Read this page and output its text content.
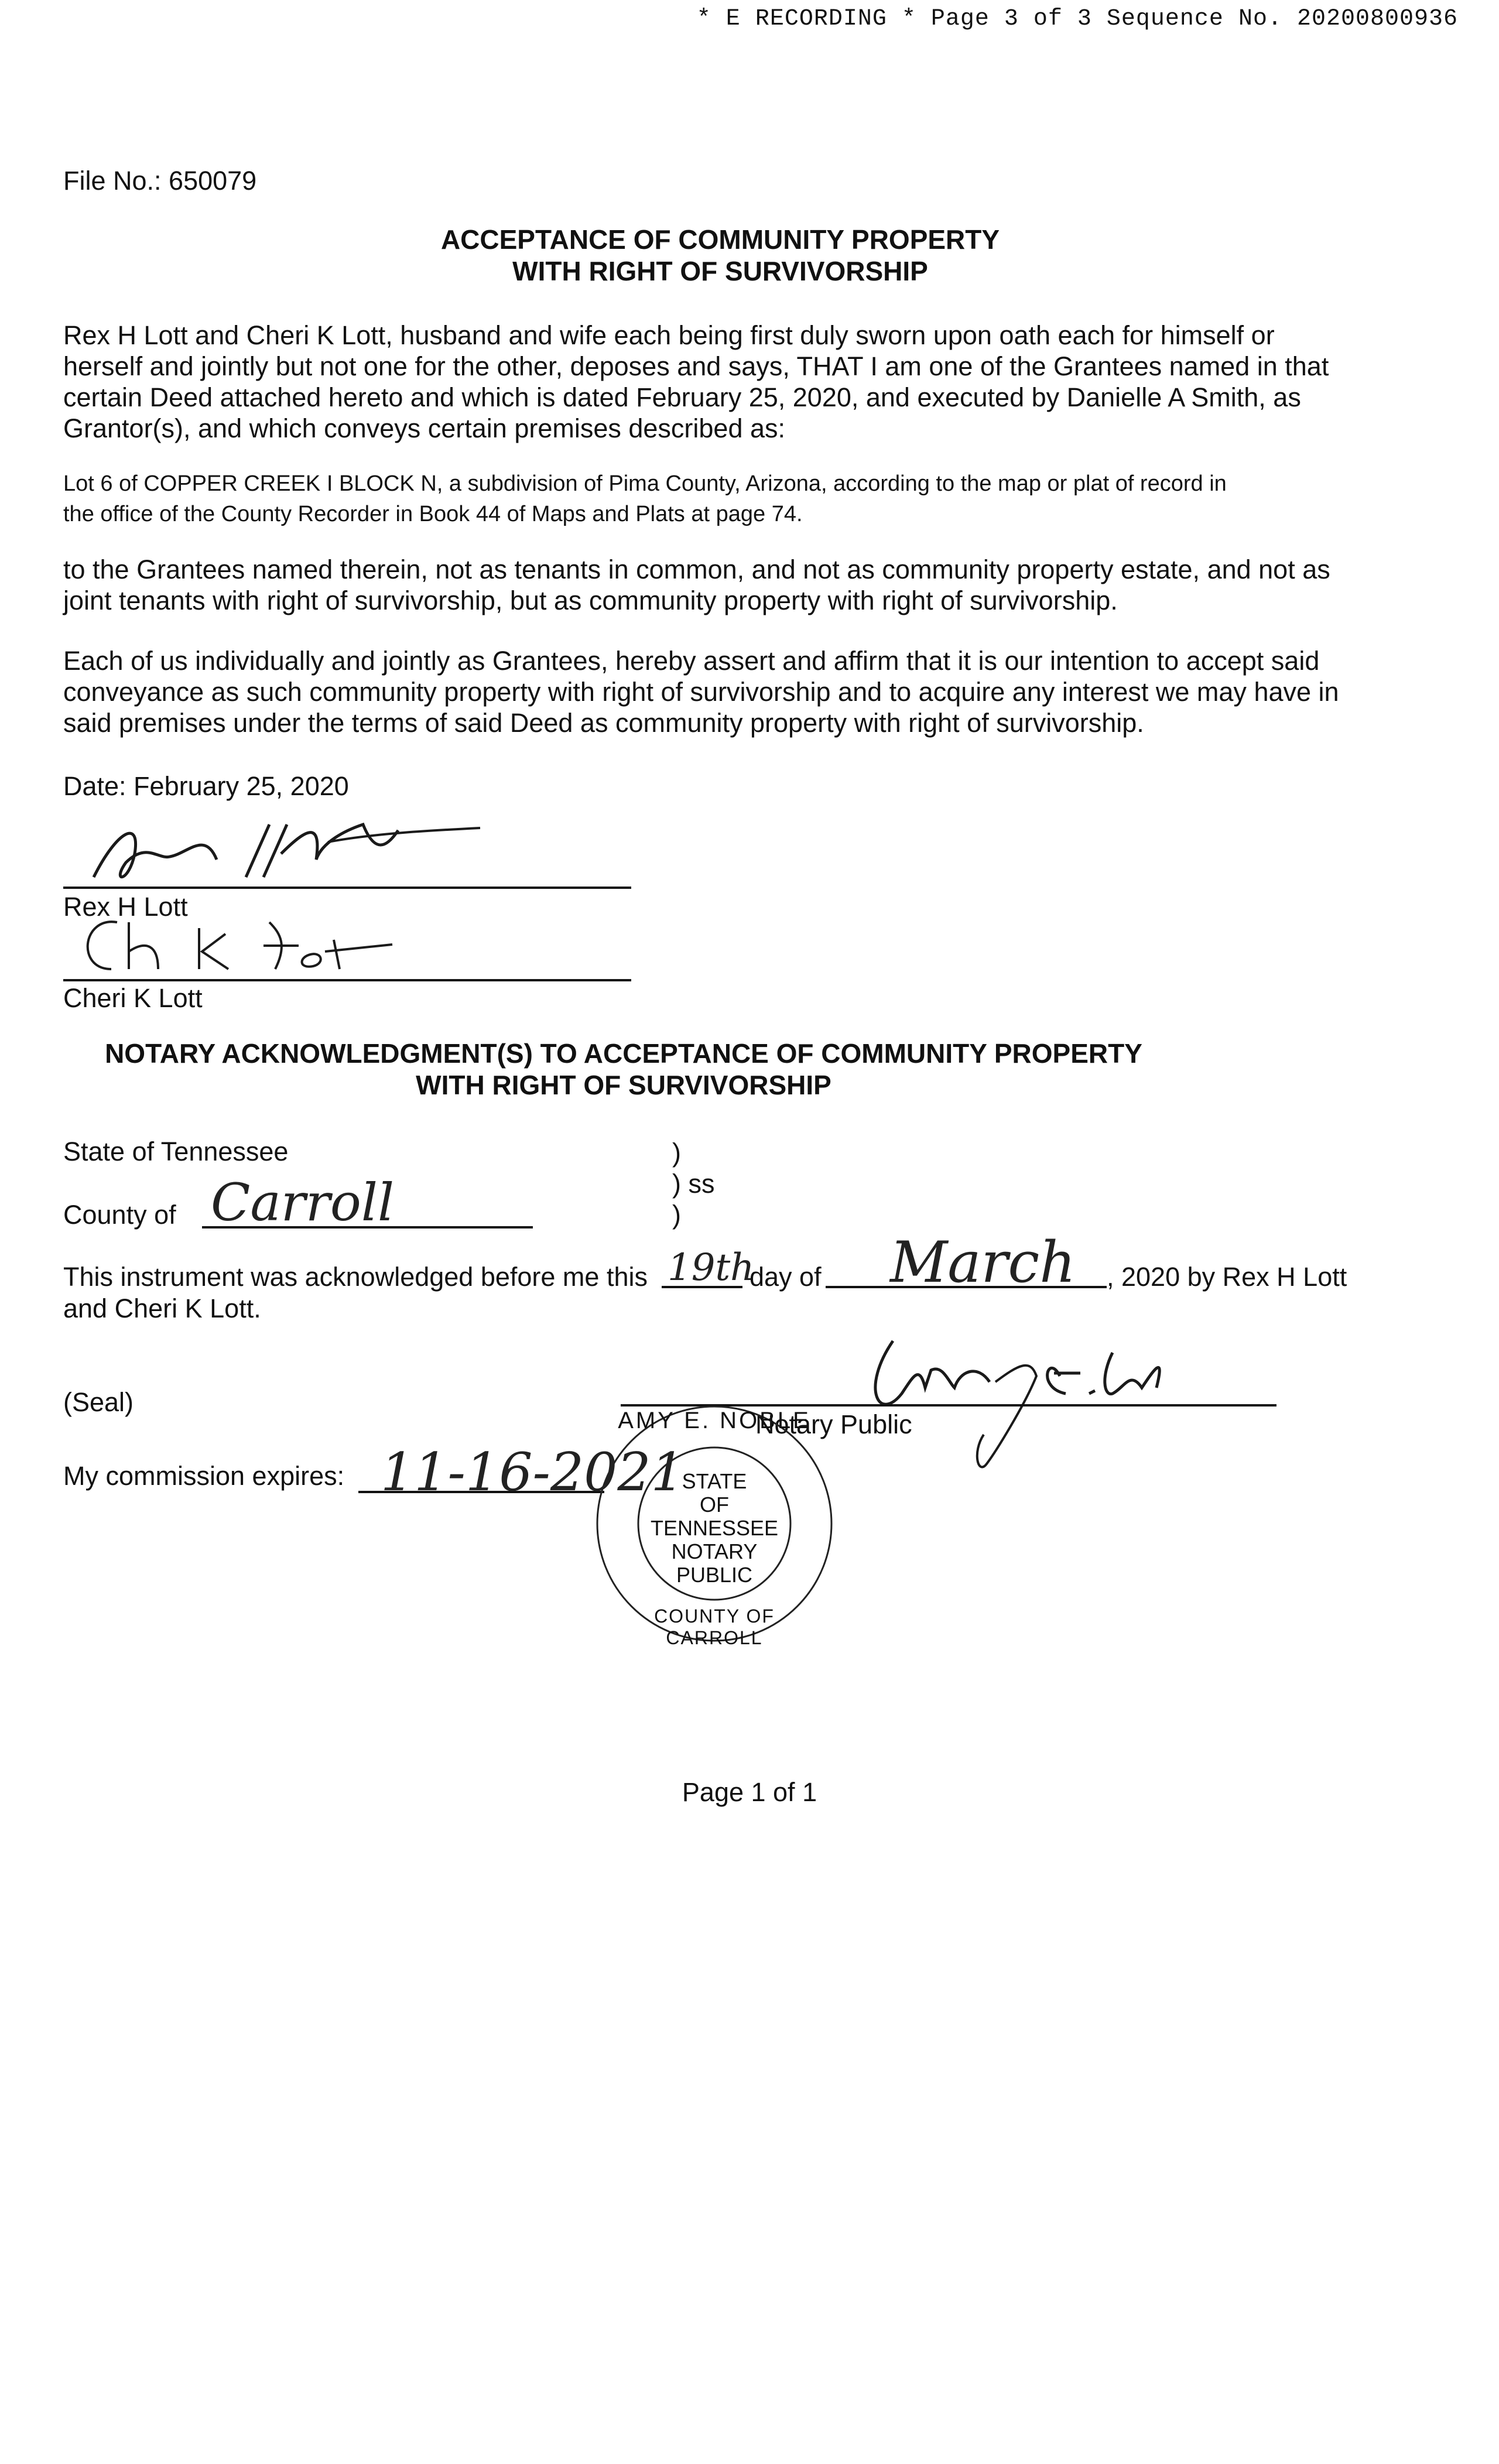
* E RECORDING * Page 3 of 3 Sequence No. 20200800936

File No.: 650079

ACCEPTANCE OF COMMUNITY PROPERTY
WITH RIGHT OF SURVIVORSHIP
Rex H Lott and Cheri K Lott, husband and wife each being first duly sworn upon oath each for himself or
herself and jointly but not one for the other, deposes and says, THAT I am one of the Grantees named in that
certain Deed attached hereto and which is dated February 25, 2020, and executed by Danielle A Smith, as
Grantor(s), and which conveys certain premises described as:
Lot 6 of COPPER CREEK I BLOCK N, a subdivision of Pima County, Arizona, according to the map or plat of record in
the office of the County Recorder in Book 44 of Maps and Plats at page 74.
to the Grantees named therein, not as tenants in common, and not as community property estate, and not as
joint tenants with right of survivorship, but as community property with right of survivorship.
Each of us individually and jointly as Grantees, hereby assert and affirm that it is our intention to accept said
conveyance as such community property with right of survivorship and to acquire any interest we may have in
said premises under the terms of said Deed as community property with right of survivorship.

Date: February 25, 2020

Rex H Lott

Cheri K Lott

NOTARY ACKNOWLEDGMENT(S) TO ACCEPTANCE OF COMMUNITY PROPERTY
WITH RIGHT OF SURVIVORSHIP

State of Tennessee

County of Carroll

)

) ss

)

This instrument was acknowledged before me this 19th

day of March , 2020 by Rex H Lott

and Cheri K Lott.

(Seal)

Notary Public

My commission expires: 11-16-2021
AMY E. NOBLE
STATE
OF
TENNESSEE
NOTARY
PUBLIC
COUNTY OF CARROLL

Page 1 of 1
